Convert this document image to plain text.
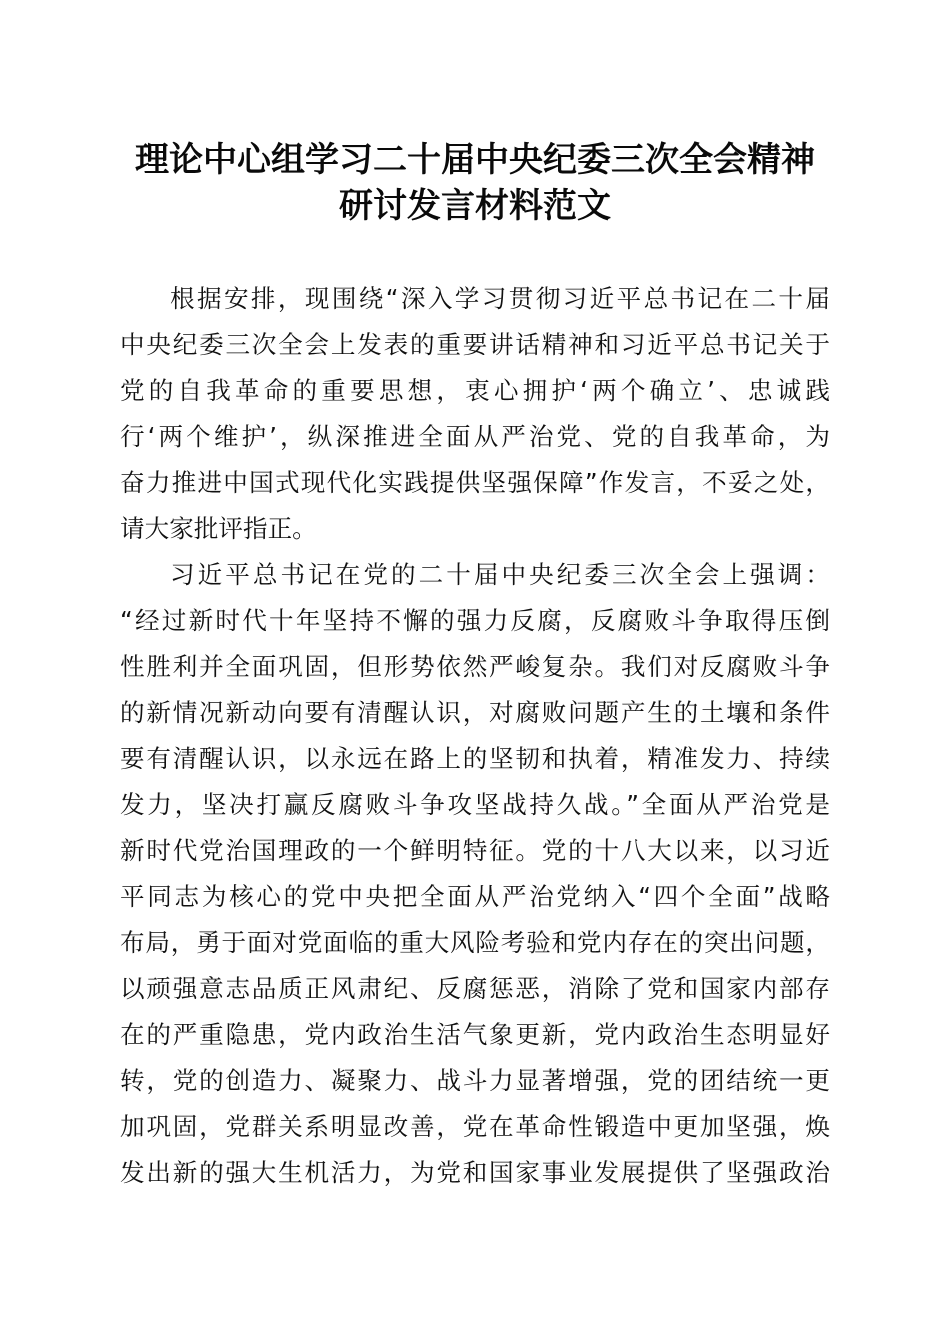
理论中心组学习二十届中央纪委三次全会精神
研讨发言材料范文
根据安排，现围绕“深入学习贯彻习近平总书记在二十届
中央纪委三次全会上发表的重要讲话精神和习近平总书记关于
党的自我革命的重要思想，衷心拥护‘两个确立’、忠诚践
行‘两个维护’，纵深推进全面从严治党、党的自我革命，为
奋力推进中国式现代化实践提供坚强保障”作发言，不妥之处，
请大家批评指正。
习近平总书记在党的二十届中央纪委三次全会上强调：
“经过新时代十年坚持不懈的强力反腐，反腐败斗争取得压倒
性胜利并全面巩固，但形势依然严峻复杂。我们对反腐败斗争
的新情况新动向要有清醒认识，对腐败问题产生的土壤和条件
要有清醒认识，以永远在路上的坚韧和执着，精准发力、持续
发力，坚决打赢反腐败斗争攻坚战持久战。”全面从严治党是
新时代党治国理政的一个鲜明特征。党的十八大以来，以习近
平同志为核心的党中央把全面从严治党纳入“四个全面”战略
布局，勇于面对党面临的重大风险考验和党内存在的突出问题，
以顽强意志品质正风肃纪、反腐惩恶，消除了党和国家内部存
在的严重隐患，党内政治生活气象更新，党内政治生态明显好
转，党的创造力、凝聚力、战斗力显著增强，党的团结统一更
加巩固，党群关系明显改善，党在革命性锻造中更加坚强，焕
发出新的强大生机活力，为党和国家事业发展提供了坚强政治
